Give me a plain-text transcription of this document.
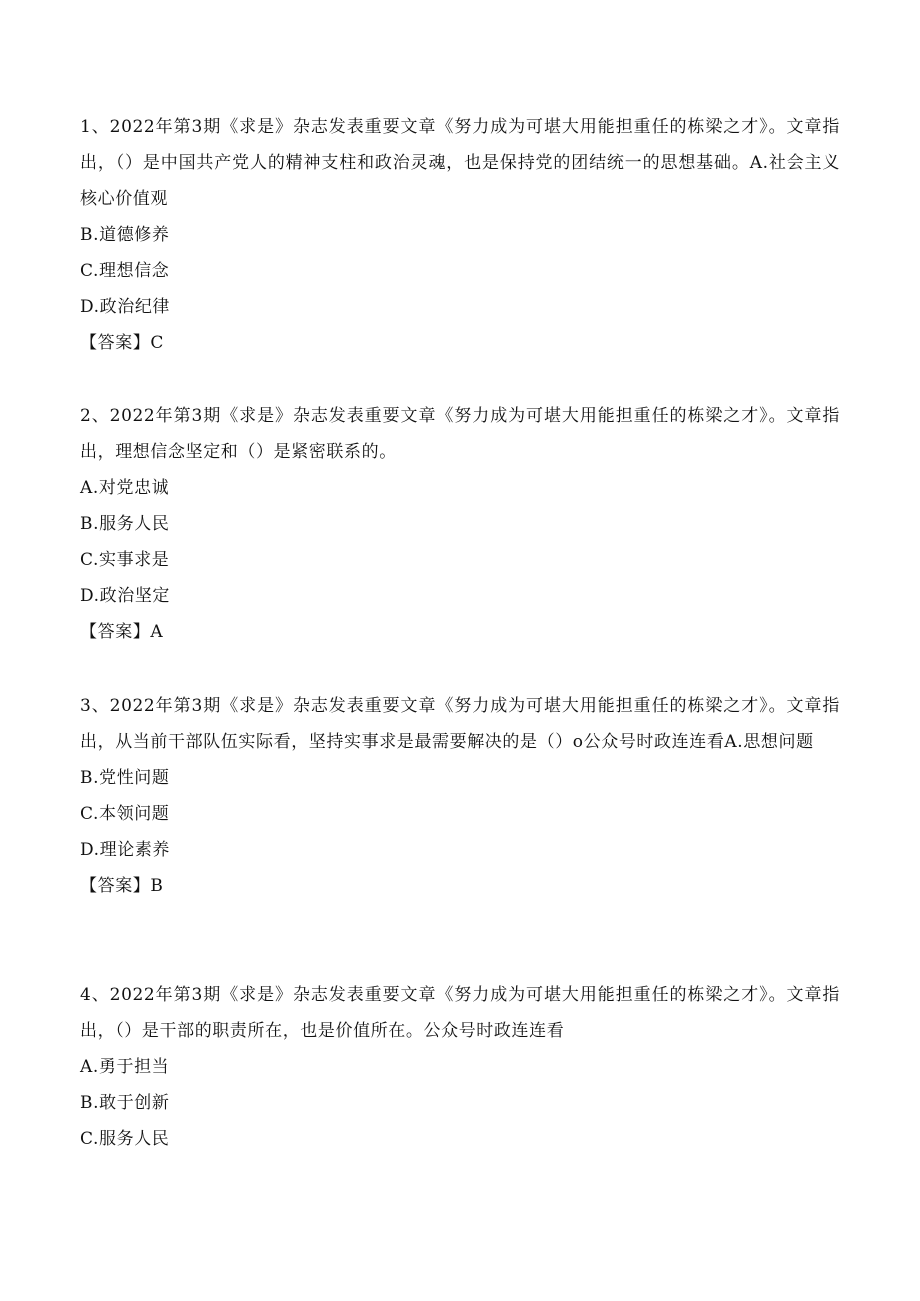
1、2022年第3期《求是》杂志发表重要文章《努力成为可堪大用能担重任的栋梁之才》。文章指出，（）是中国共产党人的精神支柱和政治灵魂，也是保持党的团结统一的思想基础。A.社会主义核心价值观

B.道德修养

C.理想信念

D.政治纪律

【答案】C

2、2022年第3期《求是》杂志发表重要文章《努力成为可堪大用能担重任的栋梁之才》。文章指出，理想信念坚定和（）是紧密联系的。

A.对党忠诚

B.服务人民

C.实事求是

D.政治坚定

【答案】A

3、2022年第3期《求是》杂志发表重要文章《努力成为可堪大用能担重任的栋梁之才》。文章指出，从当前干部队伍实际看，坚持实事求是最需要解决的是（）o公众号时政连连看A.思想问题

B.党性问题

C.本领问题

D.理论素养

【答案】B

4、2022年第3期《求是》杂志发表重要文章《努力成为可堪大用能担重任的栋梁之才》。文章指出，（）是干部的职责所在，也是价值所在。公众号时政连连看

A.勇于担当

B.敢于创新

C.服务人民
